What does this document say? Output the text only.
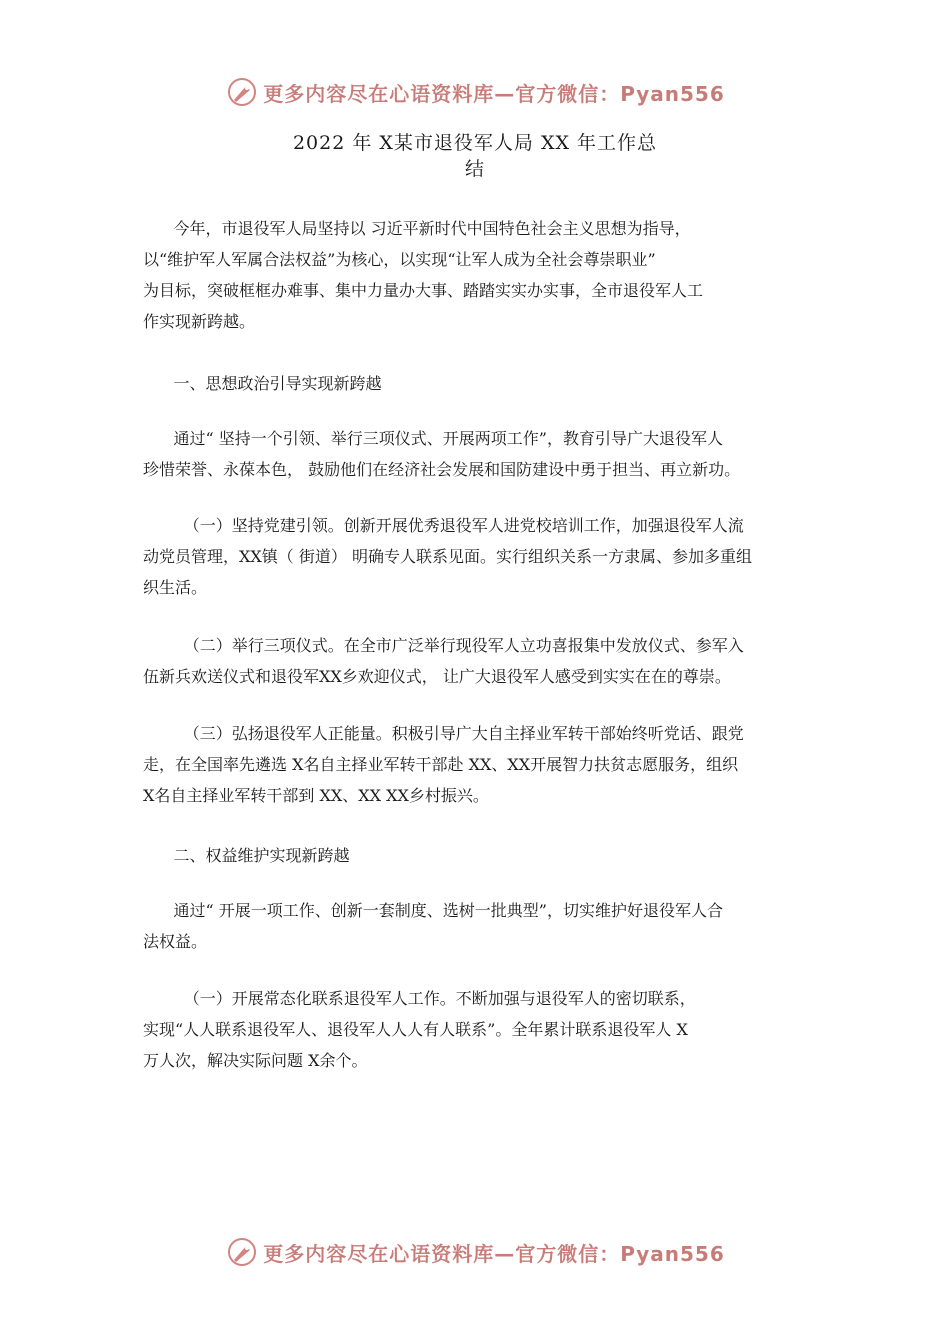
更多内容尽在心语资料库—官方微信：Pyan556
2022 年 X某市退役军人局 XX 年工作总
结
今年，市退役军人局坚持以 习近平新时代中国特色社会主义思想为指导，
以“维护军人军属合法权益”为核心，以实现“让军人成为全社会尊崇职业”
为目标，突破框框办难事、集中力量办大事、踏踏实实办实事，全市退役军人工
作实现新跨越。
一、思想政治引导实现新跨越
通过“ 坚持一个引领、举行三项仪式、开展两项工作”，教育引导广大退役军人
珍惜荣誉、永葆本色， 鼓励他们在经济社会发展和国防建设中勇于担当、再立新功。
（一）坚持党建引领。创新开展优秀退役军人进党校培训工作，加强退役军人流
动党员管理，XX镇（ 街道） 明确专人联系见面。实行组织关系一方隶属、参加多重组
织生活。
（二）举行三项仪式。在全市广泛举行现役军人立功喜报集中发放仪式、参军入
伍新兵欢送仪式和退役军XX乡欢迎仪式， 让广大退役军人感受到实实在在的尊崇。
（三）弘扬退役军人正能量。积极引导广大自主择业军转干部始终听党话、跟党
走，在全国率先遴选 X名自主择业军转干部赴 XX、XX开展智力扶贫志愿服务，组织
X名自主择业军转干部到 XX、XX XX乡村振兴。
二、权益维护实现新跨越
通过“ 开展一项工作、创新一套制度、选树一批典型”，切实维护好退役军人合
法权益。
（一）开展常态化联系退役军人工作。不断加强与退役军人的密切联系，
实现“人人联系退役军人、退役军人人人有人联系”。全年累计联系退役军人 X
万人次，解决实际问题 X余个。
更多内容尽在心语资料库—官方微信：Pyan556
